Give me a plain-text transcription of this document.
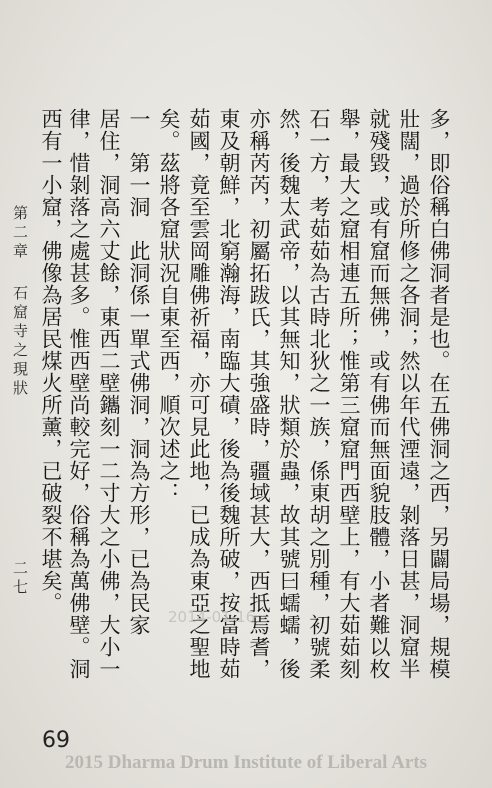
多，即俗稱白佛洞者是也。在五佛洞之西，另闢局場，規模
壯闊，過於所修之各洞；然以年代湮遠，剝落日甚，洞窟半
就殘毀，或有窟而無佛，或有佛而無面貌肢體，小者難以枚
舉，最大之窟相連五所；惟第三窟窟門西壁上，有大茹茹刻
石一方，考茹茹為古時北狄之一族，係東胡之別種，初號柔
然，後魏太武帝，以其無知，狀類於蟲，故其號曰蠕蠕，後
亦稱芮芮，初屬拓跋氏，其強盛時，疆域甚大，西抵焉耆，
東及朝鮮，北窮瀚海，南臨大磧，後為後魏所破，按當時茹
茹國，竟至雲岡雕佛祈福，亦可見此地，已成為東亞之聖地
矣。茲將各窟狀況自東至西，順次述之：
一　第一洞　此洞係一單式佛洞，洞為方形，已為民家
居住，洞高六丈餘，東西二壁鑴刻一二寸大之小佛，大小一
律，惜剝落之處甚多。惟西壁尚較完好，俗稱為萬佛壁。洞
西有一小窟，佛像為居民煤火所薰，已破裂不堪矣。
第二章
石窟寺之現狀
二七
2014-01-16
69
2015 Dharma Drum Institute of Liberal Arts
